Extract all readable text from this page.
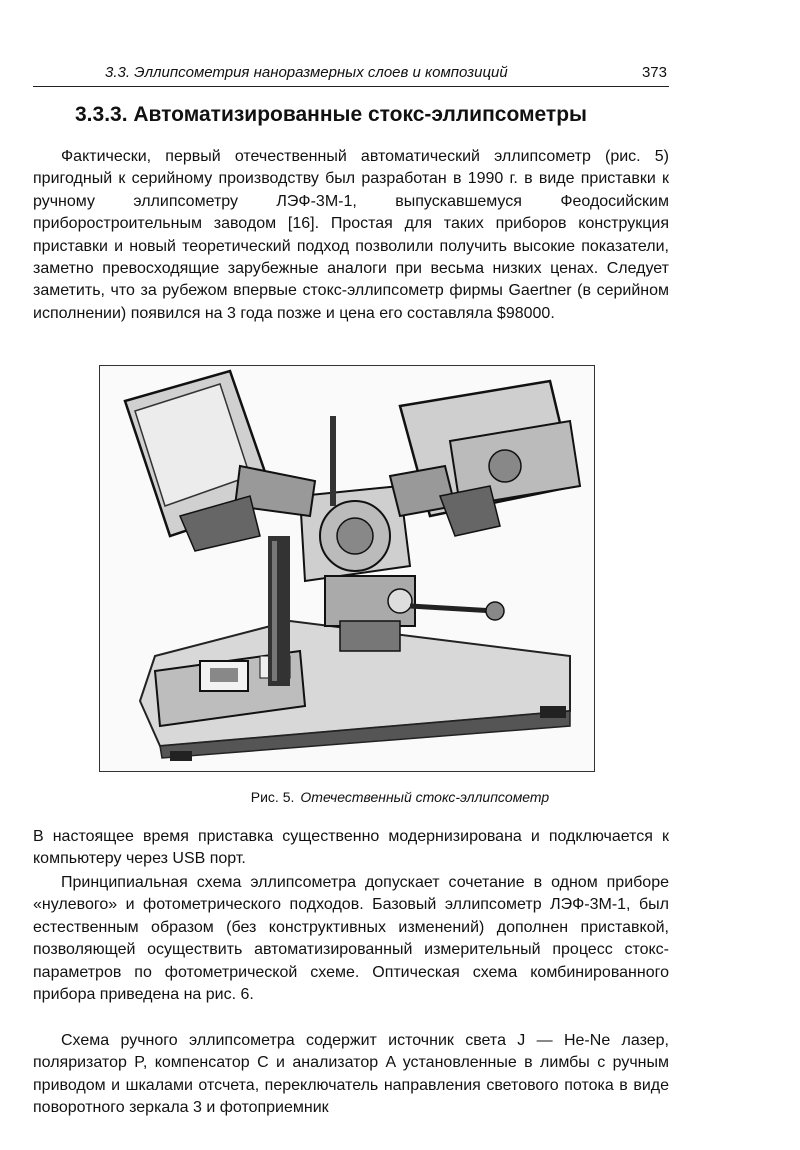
3.3. Эллипсометрия наноразмерных слоев и композиций	373
3.3.3. Автоматизированные стокс-эллипсометры

Фактически, первый отечественный автоматический эллипсометр (рис. 5) пригодный к серийному производству был разработан в 1990 г. в виде приставки к ручному эллипсометру ЛЭФ-3М-1, выпускавшемуся Феодосийским приборостроительным заводом [16]. Простая для таких приборов конструкция приставки и новый теоретический подход позволили получить высокие показатели, заметно превосходящие зарубежные аналоги при весьма низких ценах. Следует заметить, что за рубежом впервые стокс-эллипсометр фирмы Gaertner (в серийном исполнении) появился на 3 года позже и цена его составляла $98000.

Рис. 5. Отечественный стокс-эллипсометр

В настоящее время приставка существенно модернизирована и подключается к компьютеру через USB порт.

Принципиальная схема эллипсометра допускает сочетание в одном приборе «нулевого» и фотометрического подходов. Базовый эллипсометр ЛЭФ-3М-1, был естественным образом (без конструктивных изменений) дополнен приставкой, позволяющей осуществить автоматизированный измерительный процесс стокс-параметров по фотометрической схеме. Оптическая схема комбинированного прибора приведена на рис. 6.

Схема ручного эллипсометра содержит источник света J — He-Ne лазер, поляризатор P, компенсатор C и анализатор A установленные в лимбы с ручным приводом и шкалами отсчета, переключатель направления светового потока в виде поворотного зеркала 3 и фотоприемник
